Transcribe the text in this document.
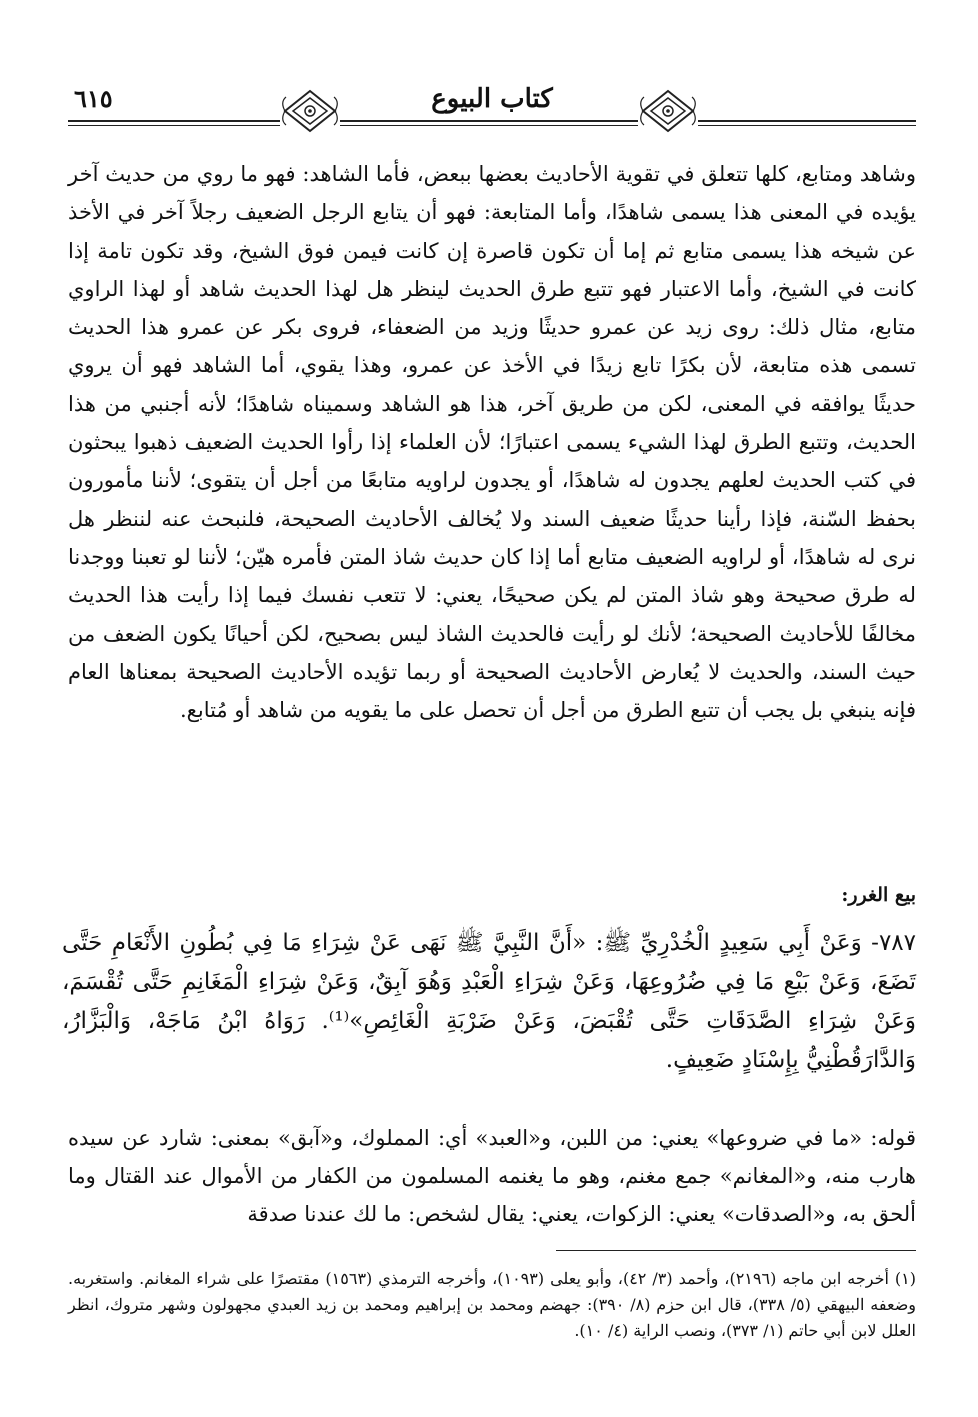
٦١٥	كتاب البيوع

وشاهد ومتابع، كلها تتعلق في تقوية الأحاديث بعضها ببعض، فأما الشاهد: فهو ما روي من حديث آخر يؤيده في المعنى هذا يسمى شاهدًا، وأما المتابعة: فهو أن يتابع الرجل الضعيف رجلاً آخر في الأخذ عن شيخه هذا يسمى متابع ثم إما أن تكون قاصرة إن كانت فيمن فوق الشيخ، وقد تكون تامة إذا كانت في الشيخ، وأما الاعتبار فهو تتبع طرق الحديث لينظر هل لهذا الحديث شاهد أو لهذا الراوي متابع، مثال ذلك: روى زيد عن عمرو حديثًا وزيد من الضعفاء، فروى بكر عن عمرو هذا الحديث تسمى هذه متابعة، لأن بكرًا تابع زيدًا في الأخذ عن عمرو، وهذا يقوي، أما الشاهد فهو أن يروي حديثًا يوافقه في المعنى، لكن من طريق آخر، هذا هو الشاهد وسميناه شاهدًا؛ لأنه أجنبي من هذا الحديث، وتتبع الطرق لهذا الشيء يسمى اعتبارًا؛ لأن العلماء إذا رأوا الحديث الضعيف ذهبوا يبحثون في كتب الحديث لعلهم يجدون له شاهدًا، أو يجدون لراويه متابعًا من أجل أن يتقوى؛ لأننا مأمورون بحفظ السّنة، فإذا رأينا حديثًا ضعيف السند ولا يُخالف الأحاديث الصحيحة، فلنبحث عنه لننظر هل نرى له شاهدًا، أو لراويه الضعيف متابع أما إذا كان حديث شاذ المتن فأمره هيّن؛ لأننا لو تعبنا ووجدنا له طرق صحيحة وهو شاذ المتن لم يكن صحيحًا، يعني: لا تتعب نفسك فيما إذا رأيت هذا الحديث مخالفًا للأحاديث الصحيحة؛ لأنك لو رأيت فالحديث الشاذ ليس بصحيح، لكن أحيانًا يكون الضعف من حيث السند، والحديث لا يُعارض الأحاديث الصحيحة أو ربما تؤيده الأحاديث الصحيحة بمعناها العام فإنه ينبغي بل يجب أن تتبع الطرق من أجل أن تحصل على ما يقويه من شاهد أو مُتابع.

بيع الغرر:

٧٨٧- وَعَنْ أَبِي سَعِيدٍ الْخُدْرِيِّ ﷺ: «أَنَّ النَّبِيَّ ﷺ نَهَى عَنْ شِرَاءِ مَا فِي بُطُونِ الأَنْعَامِ حَتَّى تَضَعَ، وَعَنْ بَيْعِ مَا فِي ضُرُوعِهَا، وَعَنْ شِرَاءِ الْعَبْدِ وَهُوَ آبِقٌ، وَعَنْ شِرَاءِ الْمَغَانِمِ حَتَّى تُقْسَمَ، وَعَنْ شِرَاءِ الصَّدَقَاتِ حَتَّى تُقْبَضَ، وَعَنْ ضَرْبَةِ الْغَائِصِ»⁽¹⁾. رَوَاهُ ابْنُ مَاجَهْ، وَالْبَزَّارُ، وَالدَّارَقُطْنِيُّ بِإِسْنَادٍ ضَعِيفٍ.

قوله: «ما في ضروعها» يعني: من اللبن، و«العبد» أي: المملوك، و«آبق» بمعنى: شارد عن سيده هارب منه، و«المغانم» جمع مغنم، وهو ما يغنمه المسلمون من الكفار من الأموال عند القتال وما ألحق به، و«الصدقات» يعني: الزكوات، يعني: يقال لشخص: ما لك عندنا صدقة

(١) أخرجه ابن ماجه (٢١٩٦)، وأحمد (٣/ ٤٢)، وأبو يعلى (١٠٩٣)، وأخرجه الترمذي (١٥٦٣) مقتصرًا على شراء المغانم. واستغربه. وضعفه البيهقي (٥/ ٣٣٨)، قال ابن حزم (٨/ ٣٩٠): جهضم ومحمد بن إبراهيم ومحمد بن زيد العبدي مجهولون وشهر متروك، انظر العلل لابن أبي حاتم (١/ ٣٧٣)، ونصب الراية (٤/ ١٠).
